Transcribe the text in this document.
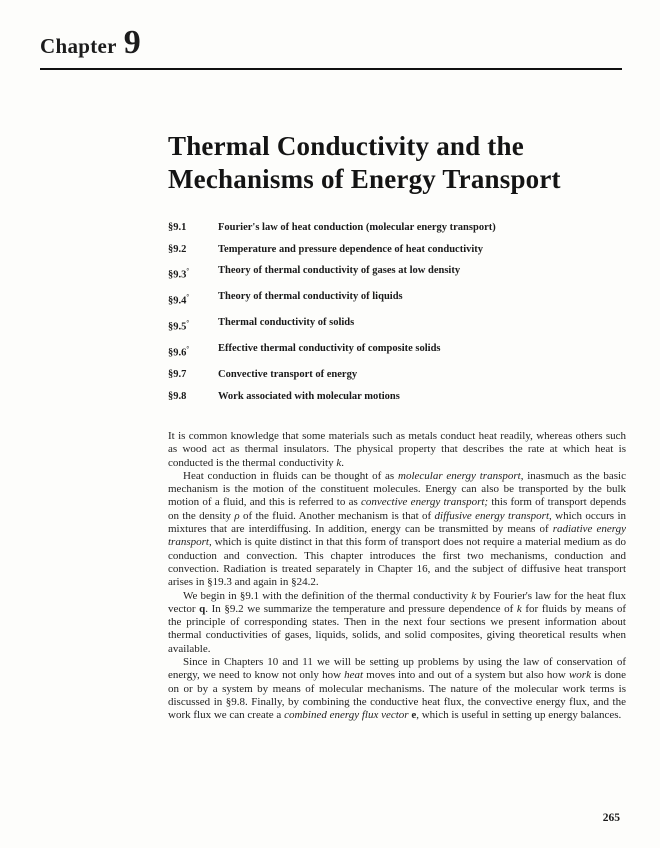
Chapter 9
Thermal Conductivity and the
Mechanisms of Energy Transport
§9.1	Fourier's law of heat conduction (molecular energy transport)
§9.2	Temperature and pressure dependence of heat conductivity
§9.3°	Theory of thermal conductivity of gases at low density
§9.4°	Theory of thermal conductivity of liquids
§9.5°	Thermal conductivity of solids
§9.6°	Effective thermal conductivity of composite solids
§9.7	Convective transport of energy
§9.8	Work associated with molecular motions

It is common knowledge that some materials such as metals conduct heat readily, whereas others such as wood act as thermal insulators. The physical property that describes the rate at which heat is conducted is the thermal conductivity k.

Heat conduction in fluids can be thought of as molecular energy transport, inasmuch as the basic mechanism is the motion of the constituent molecules. Energy can also be transported by the bulk motion of a fluid, and this is referred to as convective energy transport; this form of transport depends on the density ρ of the fluid. Another mechanism is that of diffusive energy transport, which occurs in mixtures that are interdiffusing. In addition, energy can be transmitted by means of radiative energy transport, which is quite distinct in that this form of transport does not require a material medium as do conduction and convection. This chapter introduces the first two mechanisms, conduction and convection. Radiation is treated separately in Chapter 16, and the subject of diffusive heat transport arises in §19.3 and again in §24.2.

We begin in §9.1 with the definition of the thermal conductivity k by Fourier's law for the heat flux vector q. In §9.2 we summarize the temperature and pressure dependence of k for fluids by means of the principle of corresponding states. Then in the next four sections we present information about thermal conductivities of gases, liquids, solids, and solid composites, giving theoretical results when available.

Since in Chapters 10 and 11 we will be setting up problems by using the law of conservation of energy, we need to know not only how heat moves into and out of a system but also how work is done on or by a system by means of molecular mechanisms. The nature of the molecular work terms is discussed in §9.8. Finally, by combining the conductive heat flux, the convective energy flux, and the work flux we can create a combined energy flux vector e, which is useful in setting up energy balances.

265
